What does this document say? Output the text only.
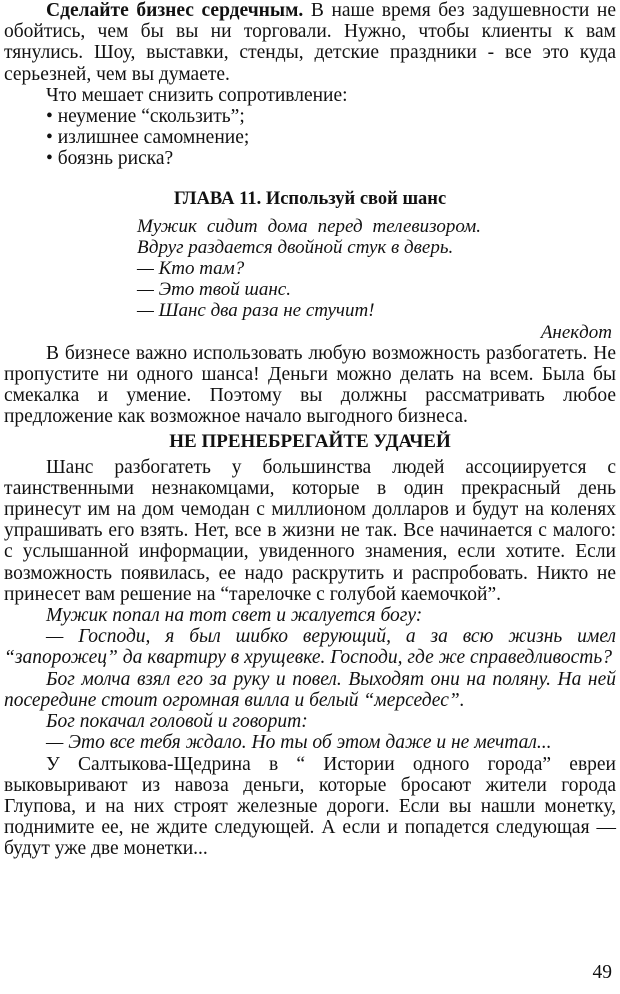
Сделайте бизнес сердечным. В наше время без задушевности не обойтись, чем бы вы ни торговали. Нужно, чтобы клиенты к вам тянулись. Шоу, выставки, стенды, детские праздники - все это куда серьезней, чем вы думаете.

Что мешает снизить сопротивление:

• неумение “скользить”;

• излишнее самомнение;

• боязнь риска?

ГЛАВА 11. Используй свой шанс

Мужик сидит дома перед телевизором. Вдруг раздается двойной стук в дверь.

— Кто там?

— Это твой шанс.

— Шанс два раза не стучит!

Анекдот

В бизнесе важно использовать любую возможность разбогатеть. Не пропустите ни одного шанса! Деньги можно делать на всем. Была бы смекалка и умение. Поэтому вы должны рассматривать любое предложение как возможное начало выгодного бизнеса.

НЕ ПРЕНЕБРЕГАЙТЕ УДАЧЕЙ

Шанс разбогатеть у большинства людей ассоциируется с таинственными незнакомцами, которые в один прекрасный день принесут им на дом чемодан с миллионом долларов и будут на коленях упрашивать его взять. Нет, все в жизни не так. Все начинается с малого: с услышанной информации, увиденного знамения, если хотите. Если возможность появилась, ее надо раскрутить и распробовать. Никто не принесет вам решение на “тарелочке с голубой каемочкой”.

Мужик попал на тот свет и жалуется богу:

— Господи, я был шибко верующий, а за всю жизнь имел “запорожец” да квартиру в хрущевке. Господи, где же справедливость?

Бог молча взял его за руку и повел. Выходят они на поляну. На ней посередине стоит огромная вилла и белый “мерседес”.

Бог покачал головой и говорит:

— Это все тебя ждало. Но ты об этом даже и не мечтал...

У Салтыкова-Щедрина в “ Истории одного города” евреи выковыривают из навоза деньги, которые бросают жители города Глупова, и на них строят железные дороги. Если вы нашли монетку, поднимите ее, не ждите следующей. А если и попадется следующая — будут уже две монетки...

49
